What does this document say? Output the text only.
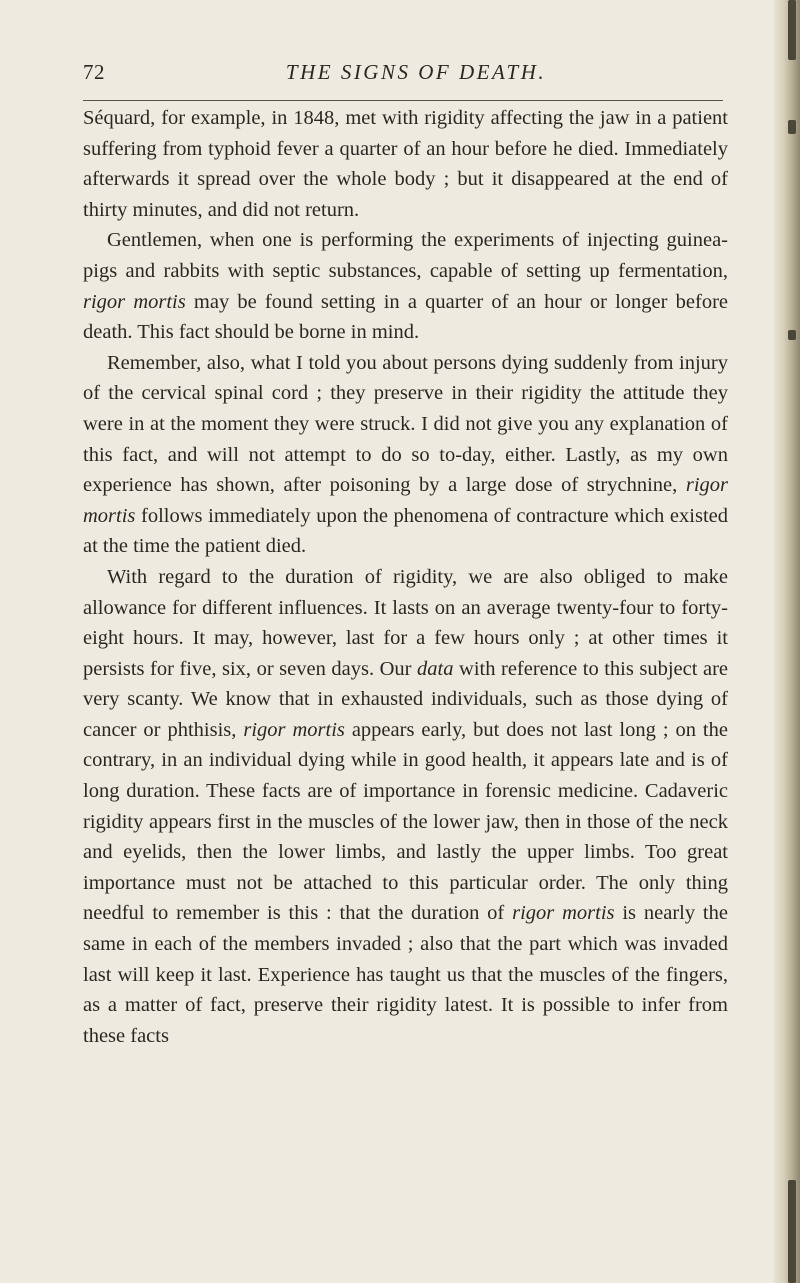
72	THE SIGNS OF DEATH.

Séquard, for example, in 1848, met with rigidity affecting the jaw in a patient suffering from typhoid fever a quarter of an hour before he died. Immediately afterwards it spread over the whole body ; but it disappeared at the end of thirty minutes, and did not return.

Gentlemen, when one is performing the experiments of injecting guinea-pigs and rabbits with septic substances, capable of setting up fermentation, rigor mortis may be found setting in a quarter of an hour or longer before death. This fact should be borne in mind.

Remember, also, what I told you about persons dying suddenly from injury of the cervical spinal cord ; they preserve in their rigidity the attitude they were in at the moment they were struck. I did not give you any explanation of this fact, and will not attempt to do so to-day, either. Lastly, as my own experience has shown, after poisoning by a large dose of strychnine, rigor mortis follows immediately upon the phenomena of contracture which existed at the time the patient died.

With regard to the duration of rigidity, we are also obliged to make allowance for different influences. It lasts on an average twenty-four to forty-eight hours. It may, however, last for a few hours only ; at other times it persists for five, six, or seven days. Our data with reference to this subject are very scanty. We know that in exhausted individuals, such as those dying of cancer or phthisis, rigor mortis appears early, but does not last long ; on the contrary, in an individual dying while in good health, it appears late and is of long duration. These facts are of importance in forensic medicine. Cadaveric rigidity appears first in the muscles of the lower jaw, then in those of the neck and eyelids, then the lower limbs, and lastly the upper limbs. Too great importance must not be attached to this particular order. The only thing needful to remember is this : that the duration of rigor mortis is nearly the same in each of the members invaded ; also that the part which was invaded last will keep it last. Experience has taught us that the muscles of the fingers, as a matter of fact, preserve their rigidity latest. It is possible to infer from these facts
